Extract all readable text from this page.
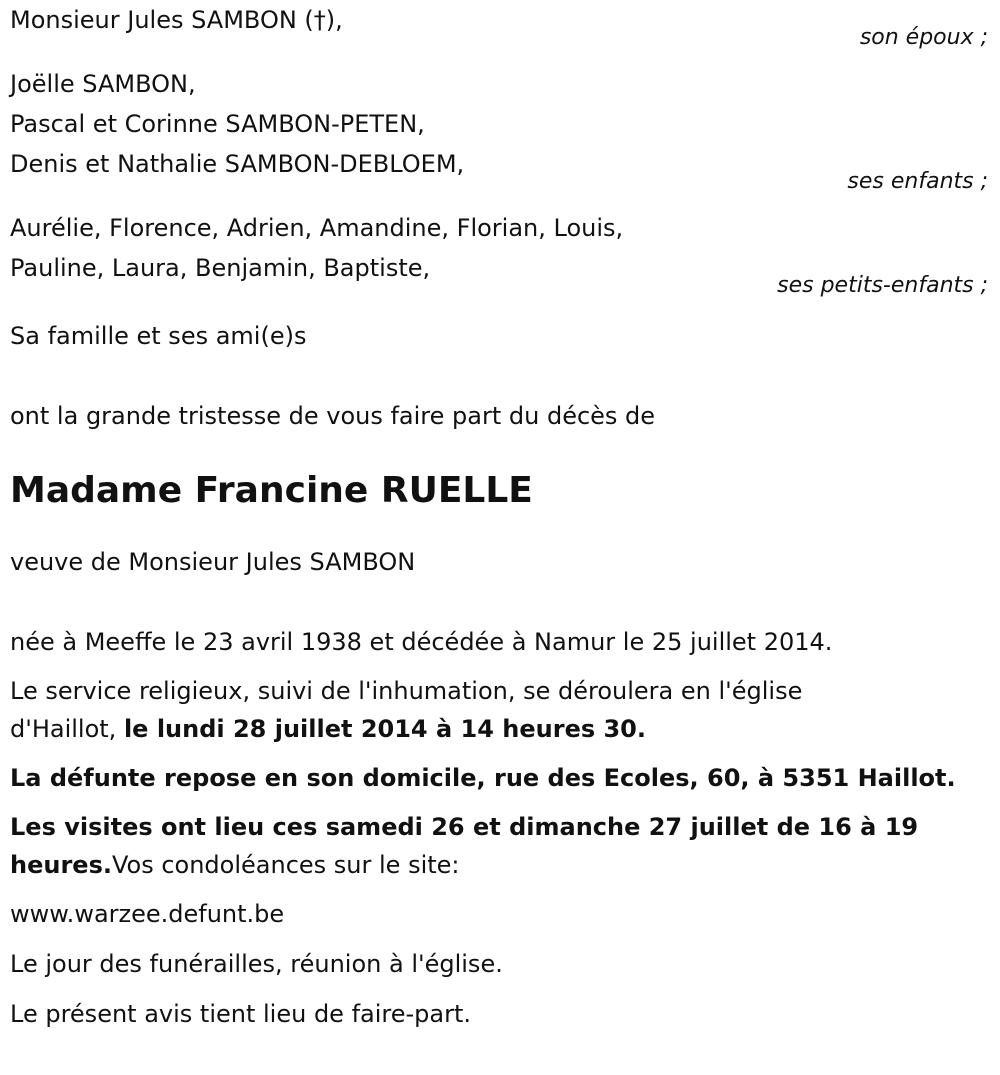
Monsieur Jules SAMBON (†),
son époux ;
Joëlle SAMBON,
Pascal et Corinne SAMBON-PETEN,
Denis et Nathalie SAMBON-DEBLOEM,
ses enfants ;
Aurélie, Florence, Adrien, Amandine, Florian, Louis,
Pauline, Laura, Benjamin, Baptiste,
ses petits-enfants ;
Sa famille et ses ami(e)s
ont la grande tristesse de vous faire part du décès de
Madame Francine RUELLE
veuve de Monsieur Jules SAMBON
née à Meeffe le 23 avril 1938 et décédée à Namur le 25 juillet 2014.
Le service religieux, suivi de l'inhumation, se déroulera en l'église
d'Haillot, le lundi 28 juillet 2014 à 14 heures 30.
La défunte repose en son domicile, rue des Ecoles, 60, à 5351 Haillot.
Les visites ont lieu ces samedi 26 et dimanche 27 juillet de 16 à 19
heures.Vos condoléances sur le site:
www.warzee.defunt.be
Le jour des funérailles, réunion à l'église.
Le présent avis tient lieu de faire-part.
